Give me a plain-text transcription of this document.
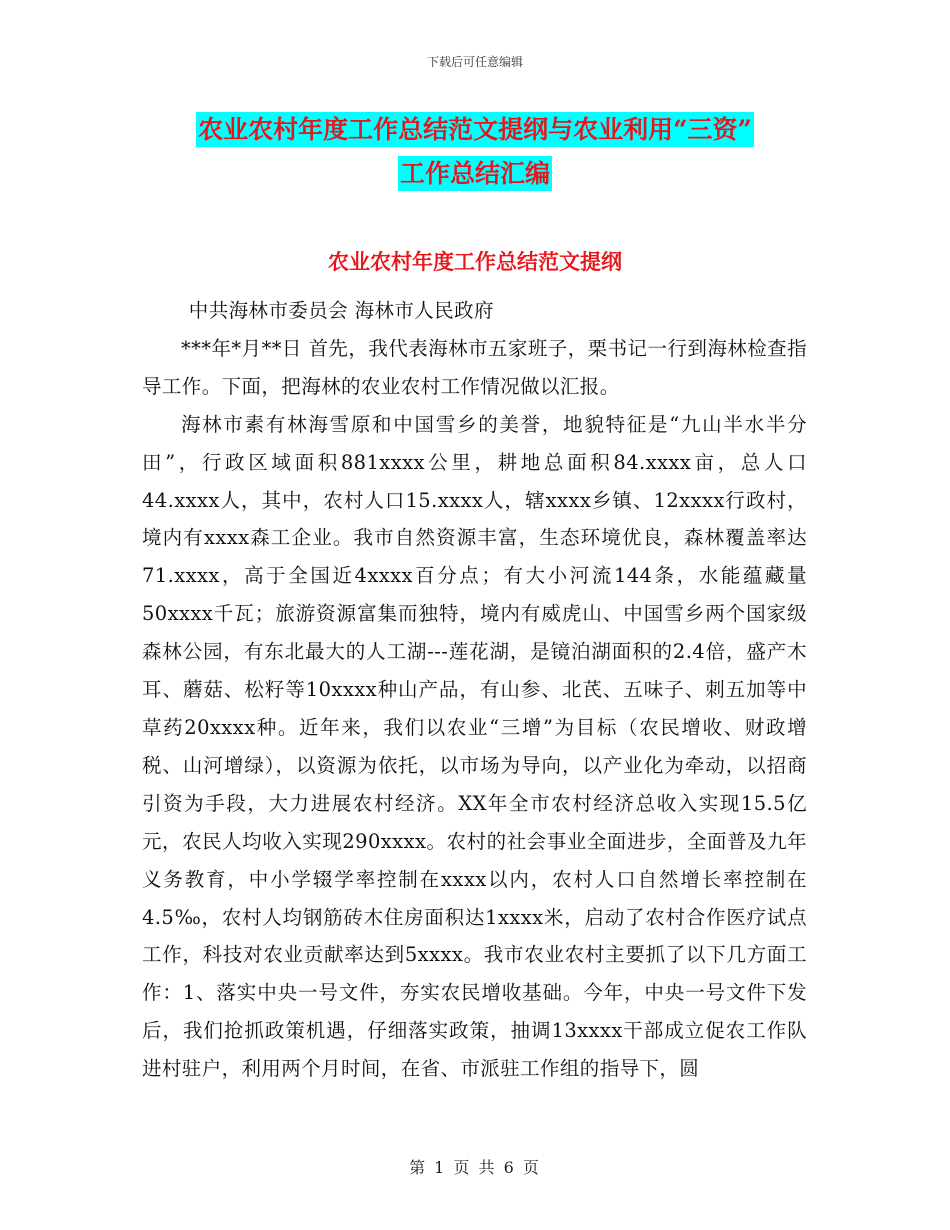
下载后可任意编辑
农业农村年度工作总结范文提纲与农业利用“三资”
工作总结汇编
农业农村年度工作总结范文提纲

中共海林市委员会 海林市人民政府

***年*月**日 首先，我代表海林市五家班子，栗书记一行到海林检查指导工作。下面，把海林的农业农村工作情况做以汇报。

海林市素有林海雪原和中国雪乡的美誉，地貌特征是“九山半水半分田”，行政区域面积881xxxx公里，耕地总面积84.xxxx亩，总人口44.xxxx人，其中，农村人口15.xxxx人，辖xxxx乡镇、12xxxx行政村，境内有xxxx森工企业。我市自然资源丰富，生态环境优良，森林覆盖率达71.xxxx，高于全国近4xxxx百分点；有大小河流144条，水能蕴藏量50xxxx千瓦；旅游资源富集而独特，境内有威虎山、中国雪乡两个国家级森林公园，有东北最大的人工湖---莲花湖，是镜泊湖面积的2.4倍，盛产木耳、蘑菇、松籽等10xxxx种山产品，有山参、北芪、五味子、刺五加等中草药20xxxx种。近年来，我们以农业“三增”为目标（农民增收、财政增税、山河增绿），以资源为依托，以市场为导向，以产业化为牵动，以招商引资为手段，大力进展农村经济。XX年全市农村经济总收入实现15.5亿元，农民人均收入实现290xxxx。农村的社会事业全面进步，全面普及九年义务教育，中小学辍学率控制在xxxx以内，农村人口自然增长率控制在4.5‰，农村人均钢筋砖木住房面积达1xxxx米，启动了农村合作医疗试点工作，科技对农业贡献率达到5xxxx。我市农业农村主要抓了以下几方面工作：1、落实中央一号文件，夯实农民增收基础。今年，中央一号文件下发后，我们抢抓政策机遇，仔细落实政策，抽调13xxxx干部成立促农工作队进村驻户，利用两个月时间，在省、市派驻工作组的指导下，圆

第 1 页 共 6 页
